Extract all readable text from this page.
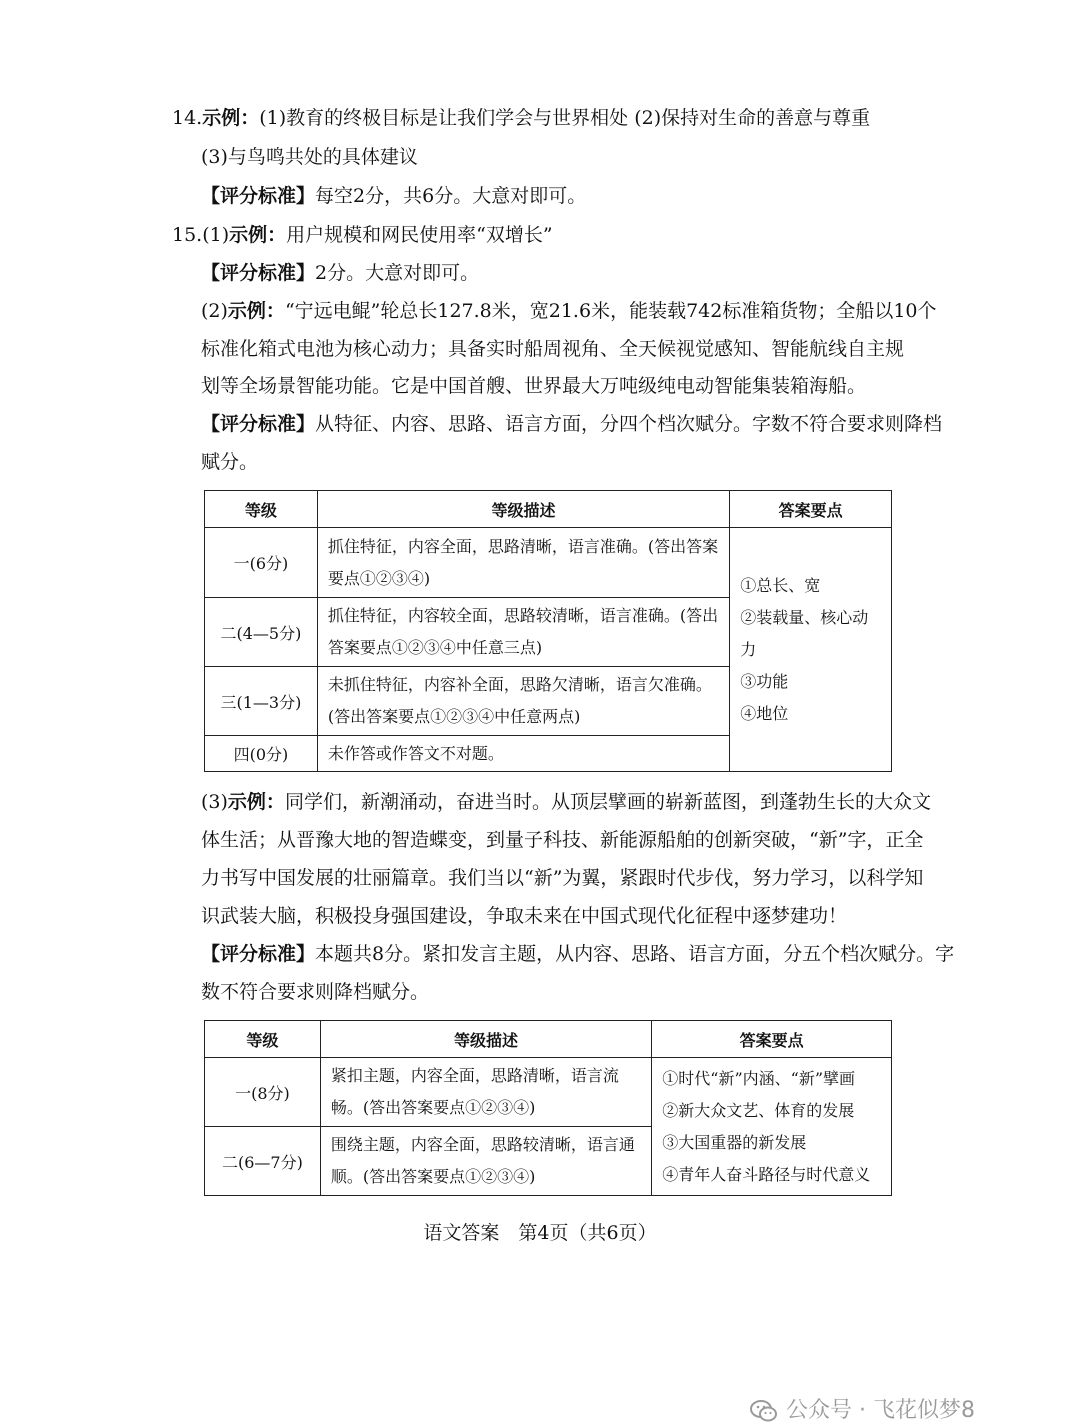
14.示例：(1)教育的终极目标是让我们学会与世界相处 (2)保持对生命的善意与尊重
(3)与鸟鸣共处的具体建议
【评分标准】每空2分，共6分。大意对即可。
15.(1)示例：用户规模和网民使用率“双增长”
【评分标准】2分。大意对即可。
(2)示例：“宁远电鲲”轮总长127.8米，宽21.6米，能装载742标准箱货物；全船以10个
标准化箱式电池为核心动力；具备实时船周视角、全天候视觉感知、智能航线自主规
划等全场景智能功能。它是中国首艘、世界最大万吨级纯电动智能集装箱海船。
【评分标准】从特征、内容、思路、语言方面，分四个档次赋分。字数不符合要求则降档
赋分。
等级	等级描述	答案要点
一(6分)	抓住特征，内容全面，思路清晰，语言准确。(答出答案要点①②③④)	①总长、宽
②装载量、核心动力
③功能
④地位

二(4—5分)	抓住特征，内容较全面，思路较清晰，语言准确。(答出答案要点①②③④中任意三点)	
三(1—3分)	未抓住特征，内容补全面，思路欠清晰，语言欠准确。(答出答案要点①②③④中任意两点)	
四(0分)	未作答或作答文不对题。	
(3)示例：同学们，新潮涌动，奋进当时。从顶层擘画的崭新蓝图，到蓬勃生长的大众文
体生活；从晋豫大地的智造蝶变，到量子科技、新能源船舶的创新突破，“新”字，正全
力书写中国发展的壮丽篇章。我们当以“新”为翼，紧跟时代步伐，努力学习，以科学知
识武装大脑，积极投身强国建设，争取未来在中国式现代化征程中逐梦建功！
【评分标准】本题共8分。紧扣发言主题，从内容、思路、语言方面，分五个档次赋分。字
数不符合要求则降档赋分。
等级	等级描述	答案要点
一(8分)	紧扣主题，内容全面，思路清晰，语言流畅。(答出答案要点①②③④)	①时代“新”内涵、“新”擘画
②新大众文艺、体育的发展
③大国重器的新发展
④青年人奋斗路径与时代意义

二(6—7分)	围绕主题，内容全面，思路较清晰，语言通顺。(答出答案要点①②③④)	
语文答案　第4页（共6页）
公众号 · 飞花似梦8
